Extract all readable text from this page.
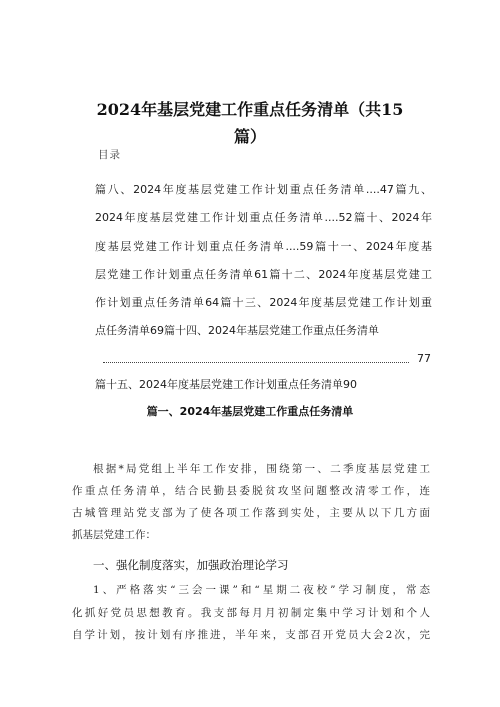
2024年基层党建工作重点任务清单（共15
篇）
目录
篇八、2024年度基层党建工作计划重点任务清单....47篇九、
2024年度基层党建工作计划重点任务清单....52篇十、2024年
度基层党建工作计划重点任务清单....59篇十一、2024年度基
层党建工作计划重点任务清单61篇十二、2024年度基层党建工
作计划重点任务清单64篇十三、2024年度基层党建工作计划重
点任务清单69篇十四、2024年基层党建工作重点任务清单
77
篇十五、2024年度基层党建工作计划重点任务清单90
篇一、2024年基层党建工作重点任务清单
根据*局党组上半年工作安排，围绕第一、二季度基层党建工
作重点任务清单，结合民勤县委脱贫攻坚问题整改清零工作，连
古城管理站党支部为了使各项工作落到实处，主要从以下几方面
抓基层党建工作：
一、强化制度落实，加强政治理论学习
1、严格落实“三会一课”和“星期二夜校”学习制度，常态
化抓好党员思想教育。我支部每月月初制定集中学习计划和个人
自学计划，按计划有序推进，半年来，支部召开党员大会2次，完
